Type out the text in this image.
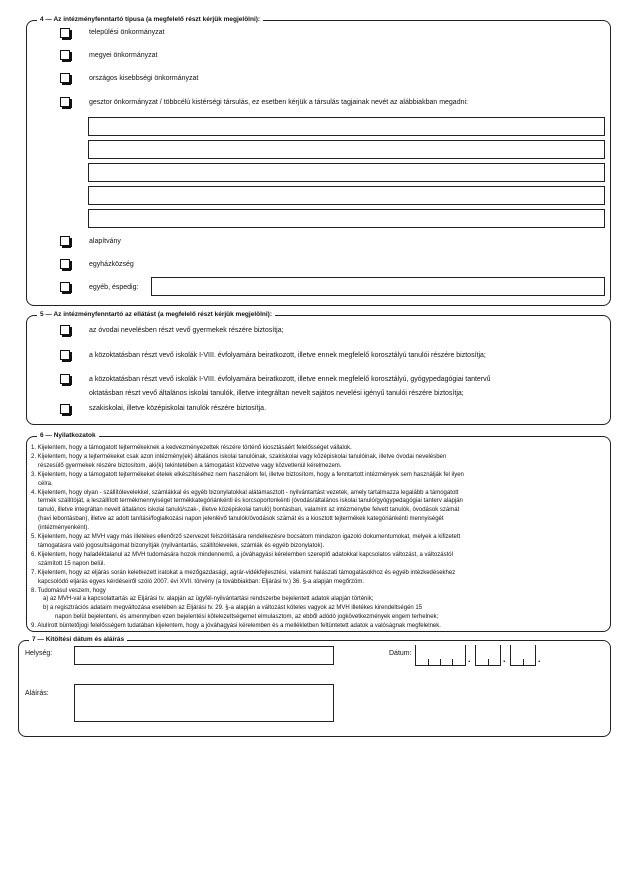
4 — Az intézményfenntartó típusa (a megfelelő részt kérjük megjelölni):
települési önkormányzat
megyei önkormányzat
országos kisebbségi önkormányzat
gesztor önkormányzat / többcélú kistérségi társulás, ez esetben kérjük a társulás tagjainak nevét az alábbiakban megadni:
alapítvány
egyházközség
egyéb, éspedig:
5 — Az intézményfenntartó az ellátást (a megfelelő részt kérjük megjelölni):
az óvodai nevelésben részt vevő gyermekek részére biztosítja;
a közoktatásban részt vevő iskolák I-VIII. évfolyamára beiratkozott, illetve ennek megfelelő korosztályú tanulói részére biztosítja;
a közoktatásban részt vevő iskolák I-VIII. évfolyamára beiratkozott, illetve ennek megfelelő korosztályú, gyógypedagógiai tantervű
oktatásban részt vevő általános iskolai tanulók, illetve integráltan nevelt sajátos nevelési igényű tanulói részére biztosítja;
szakiskolai, illetve középiskolai tanulók részére biztosítja.
6 — Nyilatkozatok

1. Kijelentem, hogy a támogatott tejtermékeknek a kedvezményezettek részére történő kiosztásáért felelősséget vállalok.

2. Kijelentem, hogy a tejtermékeket csak azon intézmény(ek) általános iskolai tanulóinak, szakiskolai vagy középiskolai tanulóinak, illetve óvodai nevelésben

részesülő gyermekek részére biztosítom, aki(k) tekintetében a támogatást közvetve vagy közvetlenül kérelmezem.

3. Kijelentem, hogy a támogatott tejtermékeket ételek elkészítéséhez nem használom fel, illetve biztosítom, hogy a fenntartott intézmények sem használják fel ilyen

célra.

4. Kijelentem, hogy olyan - szállítólevelekkel, számlákkal és egyéb bizonylatokkal alátámasztott - nyilvántartást vezetek, amely tartalmazza legalább a támogatott

termék szállítóját, a leszállított termékmennyiséget termékkategóriánkénti és korcsoportonkénti (óvodás/általános iskolai tanuló/gyógypedagógiai tanterv alapján

tanuló, illetve integráltan nevelt általános iskolai tanuló/szak-, illetve középiskolai tanuló) bontásban, valamint az intézménybe felvett tanulók, óvodások számát

(havi lebontásban), illetve az adott tanítási/foglalkozási napon jelenlévő tanulók/óvodások számát és a kiosztott tejtermékek kategóriánkénti mennyiségét

(intézményenként).

5. Kijelentem, hogy az MVH vagy más illetékes ellenőrző szervezet felszólítására rendelkezésre bocsátom mindazon igazoló dokumentumokat, melyek a kifizetett

támogatásra való jogosultságomat bizonyítják (nyilvántartás, szállítólevelek, számlák és egyéb bizonylatok).

6. Kijelentem, hogy haladéktalanul az MVH tudomására hozok mindennemű, a jóváhagyási kérelemben szereplő adatokkal kapcsolatos változást, a változástól

számított 15 napon belül.

7. Kijelentem, hogy az eljárás során keletkezett iratokat a mezőgazdasági, agrár-vidékfejlesztési, valamint halászati támogatásokhoz és egyéb intézkedésekhez

kapcsolódó eljárás egyes kérdéseiről szóló 2007. évi XVII. törvény (a továbbiakban: Eljárási tv.) 36. §-a alapján megőrzöm.

8. Tudomásul veszem, hogy

a) az MVH-val a kapcsolattartás az Eljárási tv. alapján az ügyfél-nyilvántartási rendszerbe bejelentett adatok alapján történik;

b) a regisztrációs adataim megváltozása esetében az Eljárási tv. 29. §-a alapján a változást köteles vagyok az MVH illetékes kirendeltségén 15

napon belül bejelenteni, és amennyiben ezen bejelentési kötelezettségemet elmulasztom, az ebből adódó jogkövetkezmények engem terhelnek;

9. Alulírott büntetőjogi felelősségem tudatában kijelentem, hogy a jóváhagyási kérelemben és a mellékletben feltüntetett adatok a valóságnak megfelelnek.

7 — Kitöltési dátum és aláírás
Helység:	Dátum:
.	.	.
Aláírás:
